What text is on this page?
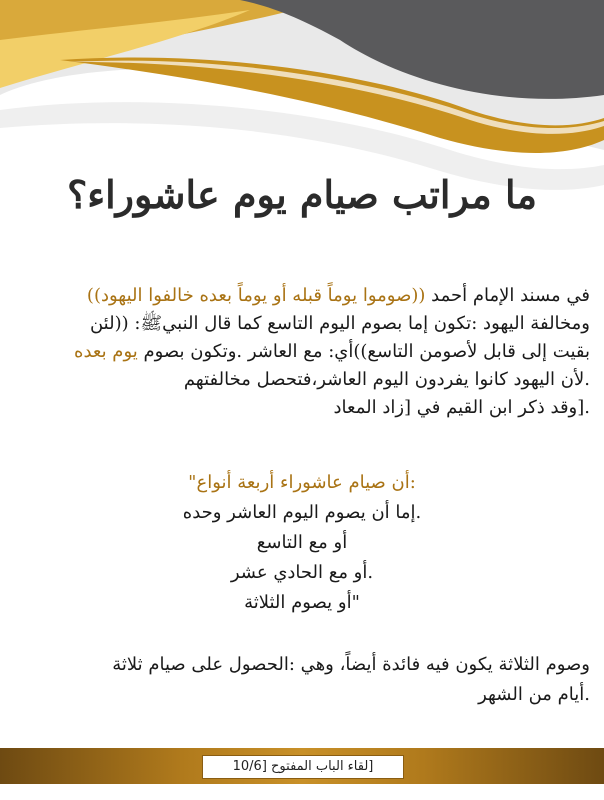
ما مراتب صيام يوم عاشوراء؟

في مسند الإمام أحمد ((صوموا يوماً قبله أو يوماً بعده خالفوا اليهود))

ومخالفة اليهود :تكون إما بصوم اليوم التاسع كما قال النبيﷺ: ((لئن

بقيت إلى قابل لأصومن التاسع))أي: مع العاشر .وتكون بصوم يوم بعده

.لأن اليهود كانوا يفردون اليوم العاشر،فتحصل مخالفتهم

.[وقد ذكر ابن القيم في [زاد المعاد

:أن صيام عاشوراء أربعة أنواع"
.إما أن يصوم اليوم العاشر وحده
أو مع التاسع
.أو مع الحادي عشر
"أو يصوم الثلاثة
وصوم الثلاثة يكون فيه فائدة أيضاً، وهي :الحصول على صيام ثلاثة
.أيام من الشهر
[لقاء الباب المفتوح [10/6
